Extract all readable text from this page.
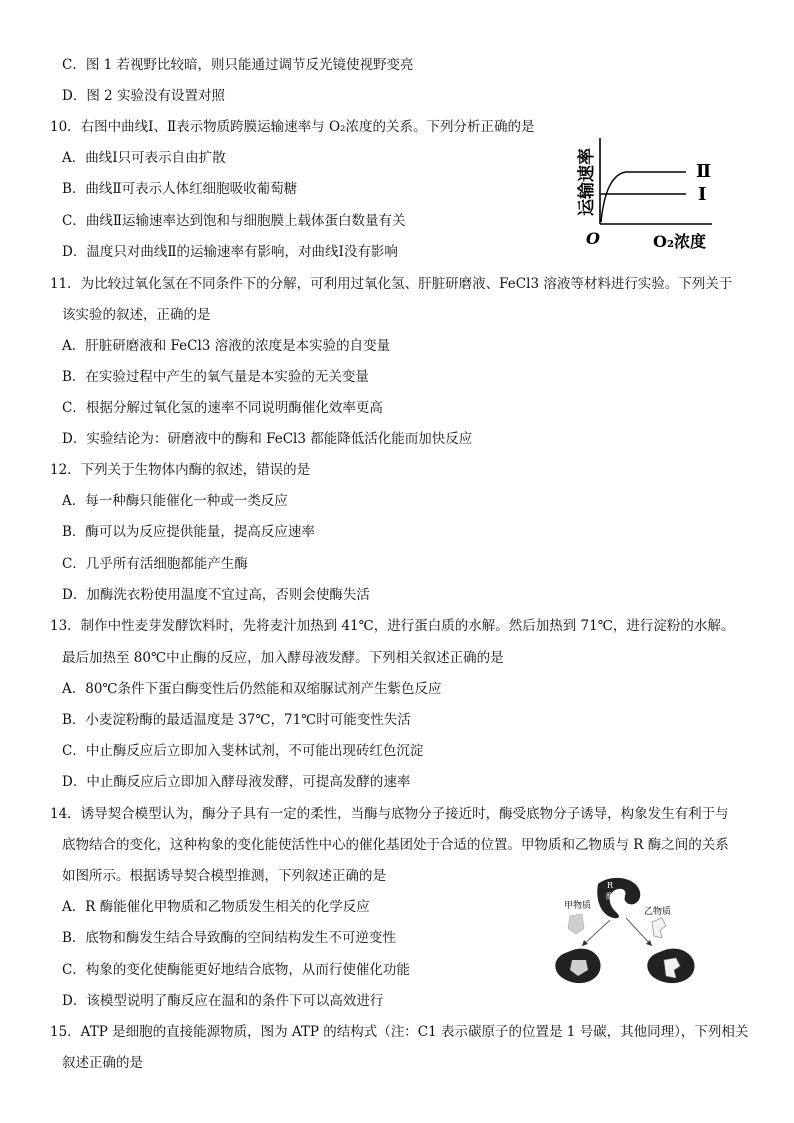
C．图 1 若视野比较暗，则只能通过调节反光镜使视野变亮
D．图 2 实验没有设置对照
10．右图中曲线Ⅰ、Ⅱ表示物质跨膜运输速率与 O₂浓度的关系。下列分析正确的是
A．曲线Ⅰ只可表示自由扩散
B．曲线Ⅱ可表示人体红细胞吸收葡萄糖
C．曲线Ⅱ运输速率达到饱和与细胞膜上载体蛋白数量有关
D．温度只对曲线Ⅱ的运输速率有影响，对曲线Ⅰ没有影响
运输速率
O	O₂浓度
Ⅱ
Ⅰ
11．为比较过氧化氢在不同条件下的分解，可利用过氧化氢、肝脏研磨液、FeCl3 溶液等材料进行实验。下列关于
该实验的叙述，正确的是
A．肝脏研磨液和 FeCl3 溶液的浓度是本实验的自变量
B．在实验过程中产生的氧气量是本实验的无关变量
C．根据分解过氧化氢的速率不同说明酶催化效率更高
D．实验结论为：研磨液中的酶和 FeCl3 都能降低活化能而加快反应
12．下列关于生物体内酶的叙述，错误的是
A．每一种酶只能催化一种或一类反应
B．酶可以为反应提供能量，提高反应速率
C．几乎所有活细胞都能产生酶
D．加酶洗衣粉使用温度不宜过高，否则会使酶失活
13．制作中性麦芽发酵饮料时，先将麦汁加热到 41℃，进行蛋白质的水解。然后加热到 71℃，进行淀粉的水解。
最后加热至 80℃中止酶的反应，加入酵母液发酵。下列相关叙述正确的是
A．80℃条件下蛋白酶变性后仍然能和双缩脲试剂产生紫色反应
B．小麦淀粉酶的最适温度是 37℃，71℃时可能变性失活
C．中止酶反应后立即加入斐林试剂，不可能出现砖红色沉淀
D．中止酶反应后立即加入酵母液发酵，可提高发酵的速率
14．诱导契合模型认为，酶分子具有一定的柔性，当酶与底物分子接近时，酶受底物分子诱导，构象发生有利于与
底物结合的变化，这种构象的变化能使活性中心的催化基团处于合适的位置。甲物质和乙物质与 R 酶之间的关系
如图所示。根据诱导契合模型推测，下列叙述正确的是
A．R 酶能催化甲物质和乙物质发生相关的化学反应
B．底物和酶发生结合导致酶的空间结构发生不可逆变性
C．构象的变化使酶能更好地结合底物，从而行使催化功能
D．该模型说明了酶反应在温和的条件下可以高效进行
R
酶
甲物质
乙物质
15．ATP 是细胞的直接能源物质，图为 ATP 的结构式（注：C1 表示碳原子的位置是 1 号碳，其他同理），下列相关
叙述正确的是
